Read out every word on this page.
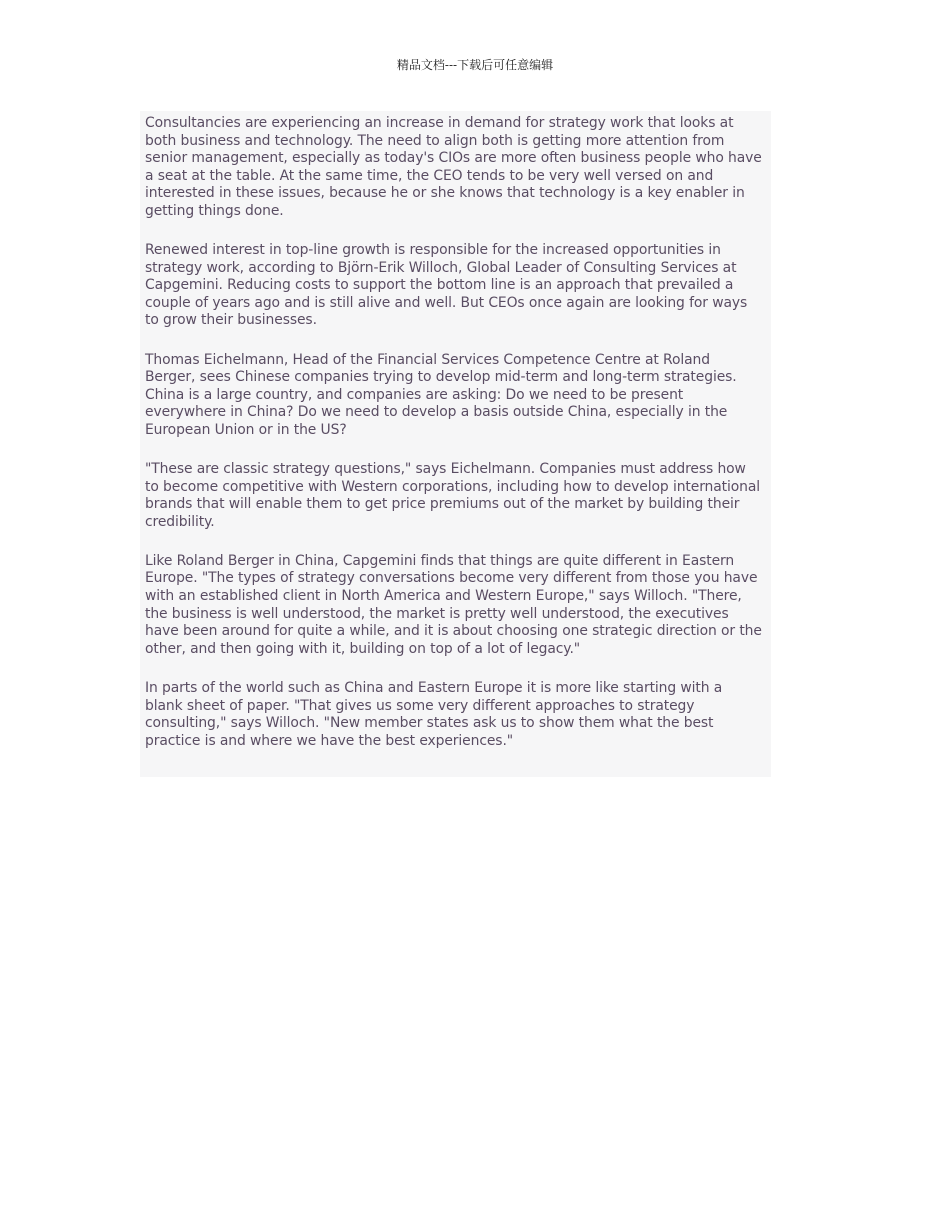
精品文档---下载后可任意编辑

Consultancies are experiencing an increase in demand for strategy work that looks at both business and technology. The need to align both is getting more attention from senior management, especially as today's CIOs are more often business people who have a seat at the table. At the same time, the CEO tends to be very well versed on and interested in these issues, because he or she knows that technology is a key enabler in getting things done.

Renewed interest in top-line growth is responsible for the increased opportunities in strategy work, according to Björn-Erik Willoch, Global Leader of Consulting Services at Capgemini. Reducing costs to support the bottom line is an approach that prevailed a couple of years ago and is still alive and well. But CEOs once again are looking for ways to grow their businesses.

Thomas Eichelmann, Head of the Financial Services Competence Centre at Roland Berger, sees Chinese companies trying to develop mid-term and long-term strategies. China is a large country, and companies are asking: Do we need to be present everywhere in China? Do we need to develop a basis outside China, especially in the European Union or in the US?

"These are classic strategy questions," says Eichelmann. Companies must address how to become competitive with Western corporations, including how to develop international brands that will enable them to get price premiums out of the market by building their credibility.

Like Roland Berger in China, Capgemini finds that things are quite different in Eastern Europe. "The types of strategy conversations become very different from those you have with an established client in North America and Western Europe," says Willoch. "There, the business is well understood, the market is pretty well understood, the executives have been around for quite a while, and it is about choosing one strategic direction or the other, and then going with it, building on top of a lot of legacy."

In parts of the world such as China and Eastern Europe it is more like starting with a blank sheet of paper. "That gives us some very different approaches to strategy consulting," says Willoch. "New member states ask us to show them what the best practice is and where we have the best experiences."
